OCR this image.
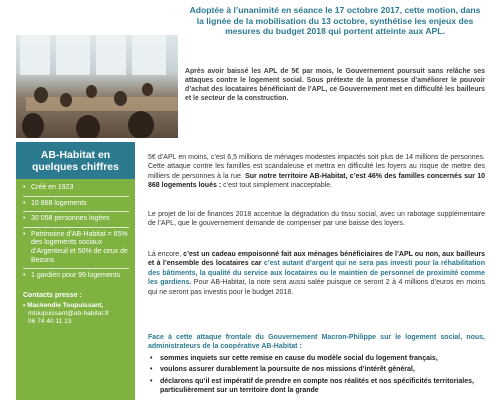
Adoptée à l’unanimité en séance le 17 octobre 2017, cette motion, dans la lignée de la mobilisation du 13 octobre, synthétise les enjeux des mesures du budget 2018 qui portent atteinte aux APL.
Après avoir baissé les APL de 5€ par mois, le Gouvernement poursuit sans relâche ses attaques contre le logement social. Sous prétexte de la promesse d’améliorer le pouvoir d’achat des locataires bénéficiant de l’APL, ce Gouvernement met en difficulté les bailleurs et le secteur de la construction.
AB-Habitat en quelques chiffres
• Créé en 1923
• 10 868 logements
• 30 058 personnes logées
• Patrimoine d’AB-Habitat = 65% des logements sociaux d’Argenteuil et 50% de ceux de Bezons
• 1 gardien pour 99 logements
Contacts presse :
• Mackendie Toupuissant,
mtoupuissant@ab-habitat.fr
06 74 40 11 13
5€ d’APL en moins, c’est 6,5 millions de ménages modestes impactés soit plus de 14 millions de personnes. Cette attaque contre les familles est scandaleuse et mettra en difficulté les foyers au risque de mettre des milliers de personnes à la rue. Sur notre territoire AB-Habitat, c’est 46% des familles concernés sur 10 868 logements loués : c’est tout simplement inacceptable.
Le projet de loi de finances 2018 accentue la dégradation du tissu social, avec un rabotage supplémentaire de l’APL, que le gouvernement demande de compenser par une baisse des loyers.
Là encore, c’est un cadeau empoisonné fait aux ménages bénéficiaires de l’APL ou non, aux bailleurs et à l’ensemble des locataires car c’est autant d’argent qui ne sera pas investi pour la réhabilitation des bâtiments, la qualité du service aux locataires ou le maintien de personnel de proximité comme les gardiens. Pour AB-Habitat, la note sera aussi salée puisque ce seront 2 à 4 millions d’euros en moins qui ne seront pas investis pour le budget 2018.
Face à cette attaque frontale du Gouvernement Macron-Philippe sur le logement social, nous, administrateurs de la coopérative AB-Habitat :
• sommes inquiets sur cette remise en cause du modèle social du logement français,
• voulons assurer durablement la poursuite de nos missions d’intérêt général,
• déclarons qu’il est impératif de prendre en compte nos réalités et nos spécificités territoriales, particulièrement sur un territoire dont la grande
